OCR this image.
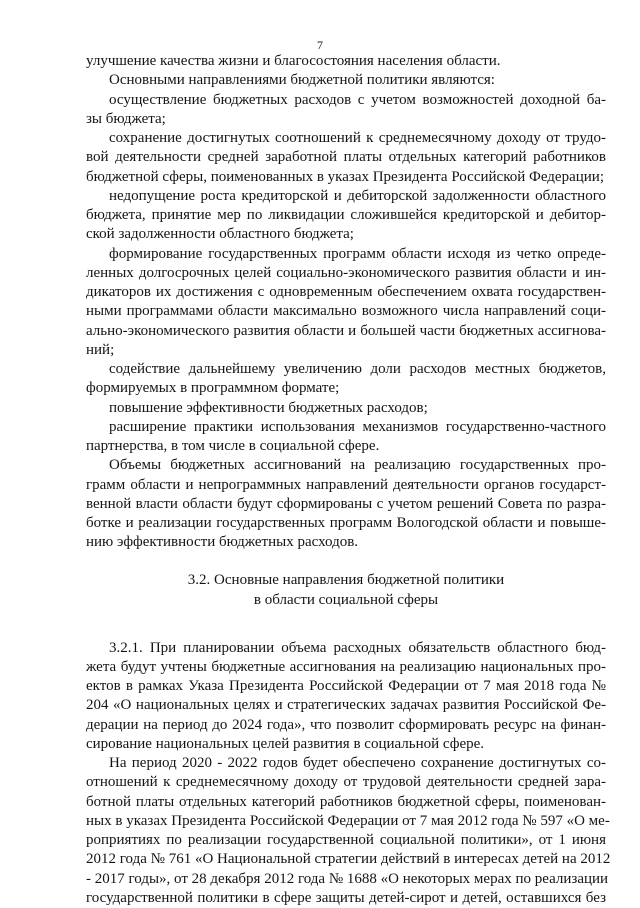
7
улучшение качества жизни и благосостояния населения области.
Основными направлениями бюджетной политики являются:
осуществление бюджетных расходов с учетом возможностей доходной ба-
зы бюджета;
сохранение достигнутых соотношений к среднемесячному доходу от трудо-
вой деятельности средней заработной платы отдельных категорий работников
бюджетной сферы, поименованных в указах Президента Российской Федерации;
недопущение роста кредиторской и дебиторской задолженности областного
бюджета, принятие мер по ликвидации сложившейся кредиторской и дебитор-
ской задолженности областного бюджета;
формирование государственных программ области исходя из четко опреде-
ленных долгосрочных целей социально-экономического развития области и ин-
дикаторов их достижения с одновременным обеспечением охвата государствен-
ными программами области максимально возможного числа направлений соци-
ально-экономического развития области и большей части бюджетных ассигнова-
ний;
содействие дальнейшему увеличению доли расходов местных бюджетов,
формируемых в программном формате;
повышение эффективности бюджетных расходов;
расширение практики использования механизмов государственно-частного
партнерства, в том числе в социальной сфере.
Объемы бюджетных ассигнований на реализацию государственных про-
грамм области и непрограммных направлений деятельности органов государст-
венной власти области будут сформированы с учетом решений Совета по разра-
ботке и реализации государственных программ Вологодской области и повыше-
нию эффективности бюджетных расходов.
3.2. Основные направления бюджетной политики
в области социальной сферы
3.2.1. При планировании объема расходных обязательств областного бюд-
жета будут учтены бюджетные ассигнования на реализацию национальных про-
ектов в рамках Указа Президента Российской Федерации от 7 мая 2018 года №
204 «О национальных целях и стратегических задачах развития Российской Фе-
дерации на период до 2024 года», что позволит сформировать ресурс на финан-
сирование национальных целей развития в социальной сфере.
На период 2020 - 2022 годов будет обеспечено сохранение достигнутых со-
отношений к среднемесячному доходу от трудовой деятельности средней зара-
ботной платы отдельных категорий работников бюджетной сферы, поименован-
ных в указах Президента Российской Федерации от 7 мая 2012 года № 597 «О ме-
роприятиях по реализации государственной социальной политики», от 1 июня
2012 года № 761 «О Национальной стратегии действий в интересах детей на 2012
- 2017 годы», от 28 декабря 2012 года № 1688 «О некоторых мерах по реализации
государственной политики в сфере защиты детей-сирот и детей, оставшихся без
